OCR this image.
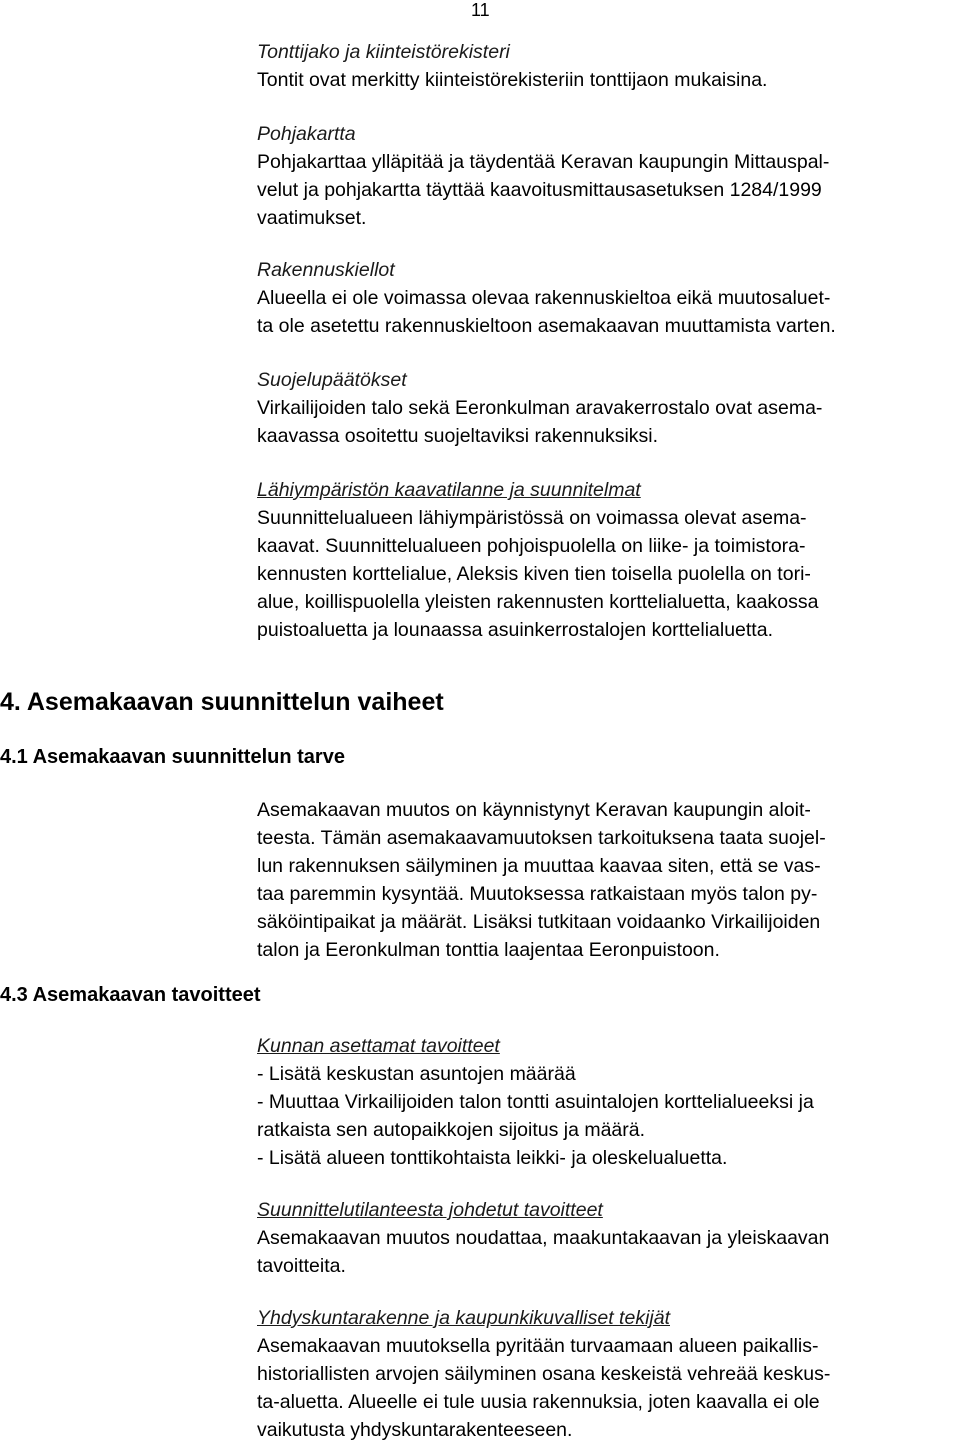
11
Tonttijako ja kiinteistörekisteri
Tontit ovat merkitty kiinteistörekisteriin tonttijaon mukaisina.
Pohjakartta
Pohjakarttaa ylläpitää ja täydentää Keravan kaupungin Mittauspal-
velut ja pohjakartta täyttää kaavoitusmittausasetuksen 1284/1999
vaatimukset.
Rakennuskiellot
Alueella ei ole voimassa olevaa rakennuskieltoa eikä muutosaluet-
ta ole asetettu rakennuskieltoon asemakaavan muuttamista varten.
Suojelupäätökset
Virkailijoiden talo sekä Eeronkulman aravakerrostalo ovat asema-
kaavassa osoitettu suojeltaviksi rakennuksiksi.
Lähiympäristön kaavatilanne ja suunnitelmat
Suunnittelualueen lähiympäristössä on voimassa olevat asema-
kaavat. Suunnittelualueen pohjoispuolella on liike- ja toimistora-
kennusten korttelialue, Aleksis kiven tien toisella puolella on tori-
alue, koillispuolella yleisten rakennusten korttelialuetta, kaakossa
puistoaluetta ja lounaassa asuinkerrostalojen korttelialuetta.
4. Asemakaavan suunnittelun vaiheet
4.1 Asemakaavan suunnittelun tarve
Asemakaavan muutos on käynnistynyt Keravan kaupungin aloit-
teesta. Tämän asemakaavamuutoksen tarkoituksena taata suojel-
lun rakennuksen säilyminen ja muuttaa kaavaa siten, että se vas-
taa paremmin kysyntää. Muutoksessa ratkaistaan myös talon py-
säköintipaikat ja määrät. Lisäksi tutkitaan voidaanko Virkailijoiden
talon ja Eeronkulman tonttia laajentaa Eeronpuistoon.
4.3 Asemakaavan tavoitteet
Kunnan asettamat tavoitteet
- Lisätä keskustan asuntojen määrää
- Muuttaa Virkailijoiden talon tontti asuintalojen korttelialueeksi ja
ratkaista sen autopaikkojen sijoitus ja määrä.
- Lisätä alueen tonttikohtaista leikki- ja oleskelualuetta.
Suunnittelutilanteesta johdetut tavoitteet
Asemakaavan muutos noudattaa, maakuntakaavan ja yleiskaavan
tavoitteita.
Yhdyskuntarakenne ja kaupunkikuvalliset tekijät
Asemakaavan muutoksella pyritään turvaamaan alueen paikallis-
historiallisten arvojen säilyminen osana keskeistä vehreää keskus-
ta-aluetta. Alueelle ei tule uusia rakennuksia, joten kaavalla ei ole
vaikutusta yhdyskuntarakenteeseen.
